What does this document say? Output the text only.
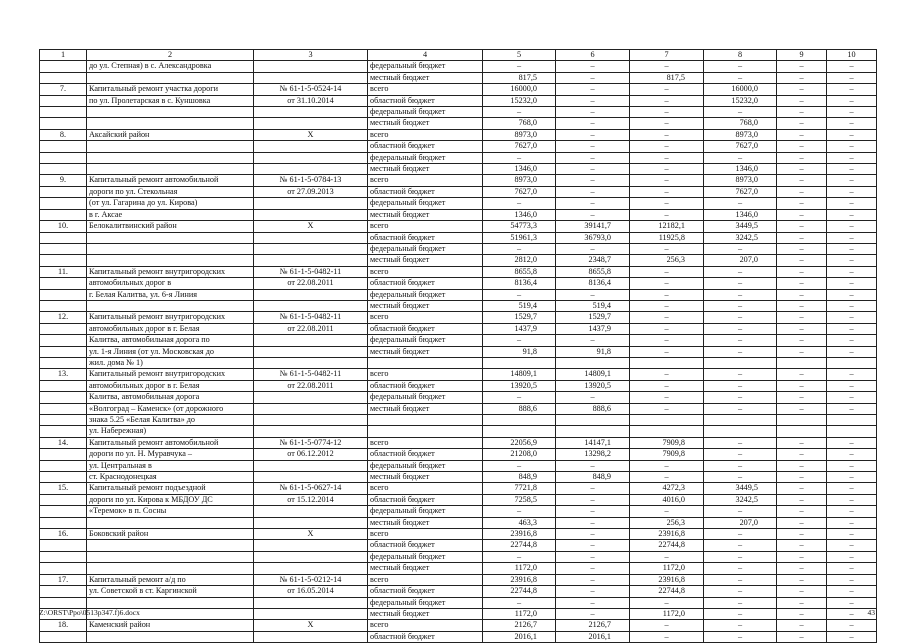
1	2	3	4	5	6	7	8	9	10
	до ул. Степная) в с. Александровка		федеральный бюджет	–	–	–	–	–	–
			местный бюджет	817,5	–	817,5	–	–	–
7.	Капитальный ремонт участка дороги	№ 61-1-5-0524-14	всего	16000,0	–	–	16000,0	–	–
	по ул. Пролетарская в с. Куншовка	от 31.10.2014	областной бюджет	15232,0	–	–	15232,0	–	–
			федеральный бюджет	–	–	–	–	–	–
			местный бюджет	768,0	–	–	768,0	–	–
8.	Аксайский район	Х	всего	8973,0	–	–	8973,0	–	–
			областной бюджет	7627,0	–	–	7627,0	–	–
			федеральный бюджет	–	–	–	–	–	–
			местный бюджет	1346,0	–	–	1346,0	–	–
9.	Капитальный ремонт автомобильной	№ 61-1-5-0784-13	всего	8973,0	–	–	8973,0	–	–
	дороги по ул. Стекольная	от 27.09.2013	областной бюджет	7627,0	–	–	7627,0	–	–
	(от ул. Гагарина до ул. Кирова)		федеральный бюджет	–	–	–	–	–	–
	в г. Аксае		местный бюджет	1346,0	–	–	1346,0	–	–
10.	Белокалитвинский район	Х	всего	54773,3	39141,7	12182,1	3449,5	–	–
			областной бюджет	51961,3	36793,0	11925,8	3242,5	–	–
			федеральный бюджет	–	–	–	–	–	–
			местный бюджет	2812,0	2348,7	256,3	207,0	–	–
11.	Капитальный ремонт внутригородских	№ 61-1-5-0482-11	всего	8655,8	8655,8	–	–	–	–
	автомобильных дорог в	от 22.08.2011	областной бюджет	8136,4	8136,4	–	–	–	–
	г. Белая Калитва, ул. 6-я Линия		федеральный бюджет	–	–	–	–	–	–
			местный бюджет	519,4	519,4	–	–	–	–
12.	Капитальный ремонт внутригородских	№ 61-1-5-0482-11	всего	1529,7	1529,7	–	–	–	–
	автомобильных дорог в г. Белая	от 22.08.2011	областной бюджет	1437,9	1437,9	–	–	–	–
	Калитва, автомобильная дорога по		федеральный бюджет	–	–	–	–	–	–
	ул. 1-я Линия (от ул. Московская до		местный бюджет	91,8	91,8	–	–	–	–
	жил. дома № 1)								
13.	Капитальный ремонт внутригородских	№ 61-1-5-0482-11	всего	14809,1	14809,1	–	–	–	–
	автомобильных дорог в г. Белая	от 22.08.2011	областной бюджет	13920,5	13920,5	–	–	–	–
	Калитва, автомобильная дорога		федеральный бюджет	–	–	–	–	–	–
	«Волгоград – Каменск» (от дорожного		местный бюджет	888,6	888,6	–	–	–	–
	знака 5.25 «Белая Калитва» до								
	ул. Набережная)								
14.	Капитальный ремонт автомобильной	№ 61-1-5-0774-12	всего	22056,9	14147,1	7909,8	–	–	–
	дороги по ул. Н. Муравчука –	от 06.12.2012	областной бюджет	21208,0	13298,2	7909,8	–	–	–
	ул. Центральная в		федеральный бюджет	–	–	–	–	–	–
	ст. Краснодонецкая		местный бюджет	848,9	848,9	–	–	–	–
15.	Капитальный ремонт подъездной	№ 61-1-5-0627-14	всего	7721,8	–	4272,3	3449,5	–	–
	дороги по ул. Кирова к МБДОУ ДС	от 15.12.2014	областной бюджет	7258,5	–	4016,0	3242,5	–	–
	«Теремок» в п. Сосны		федеральный бюджет	–	–	–	–	–	–
			местный бюджет	463,3	–	256,3	207,0	–	–
16.	Боковский район	Х	всего	23916,8	–	23916,8	–	–	–
			областной бюджет	22744,8	–	22744,8	–	–	–
			федеральный бюджет	–	–	–	–	–	–
			местный бюджет	1172,0	–	1172,0	–	–	–
17.	Капитальный ремонт а/д по	№ 61-1-5-0212-14	всего	23916,8	–	23916,8	–	–	–
	ул. Советской в ст. Каргинской	от 16.05.2014	областной бюджет	22744,8	–	22744,8	–	–	–
			федеральный бюджет	–	–	–	–	–	–
			местный бюджет	1172,0	–	1172,0	–	–	–
18.	Каменский район	Х	всего	2126,7	2126,7	–	–	–	–
			областной бюджет	2016,1	2016,1	–	–	–	–
Z:\ORST\Ppo\0513p347.f)6.docx	43
